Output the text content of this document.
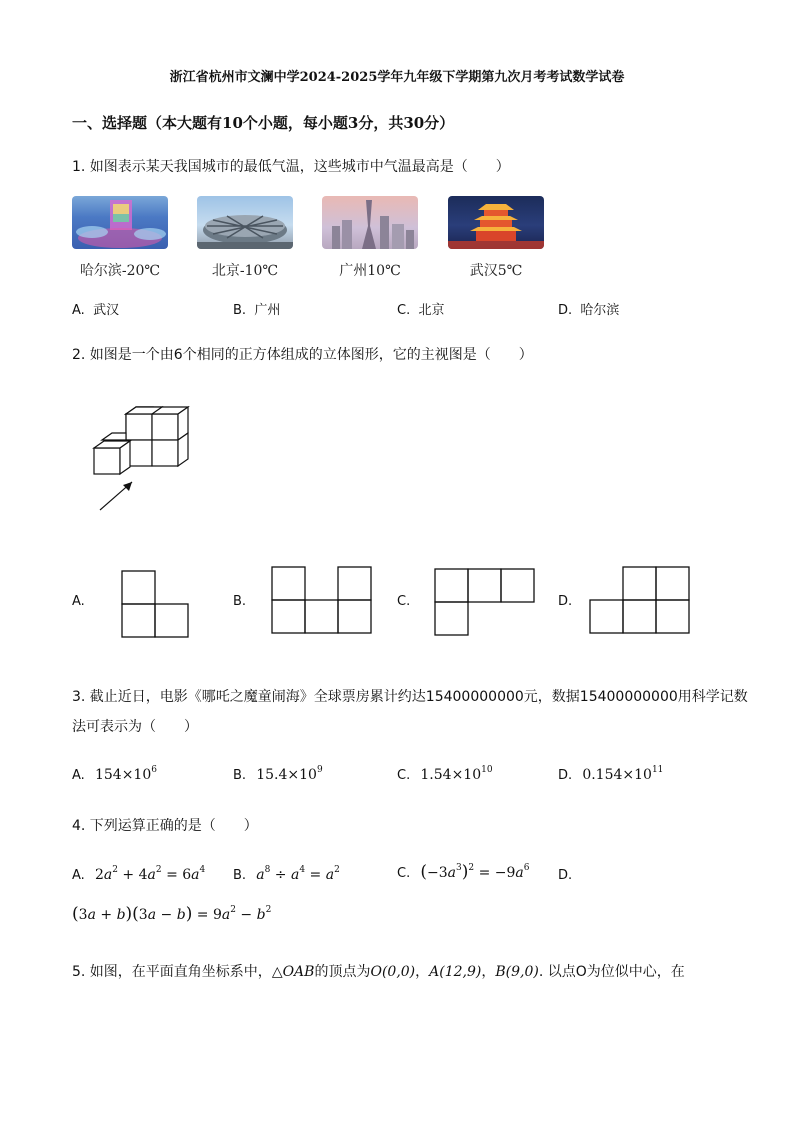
浙江省杭州市文澜中学2024-2025学年九年级下学期第九次月考考试数学试卷
一、选择题（本大题有10个小题，每小题3分，共30分）
1. 如图表示某天我国城市的最低气温，这些城市中气温最高是（　　）
哈尔滨-20℃	北京-10℃	广州10℃	武汉5℃
A. 武汉	B. 广州	C. 北京	D. 哈尔滨
2. 如图是一个由6个相同的正方体组成的立体图形，它的主视图是（　　）
A.	B.	C.	D.
3. 截止近日，电影《哪吒之魔童闹海》全球票房累计约达15400000000元，数据15400000000用科学记数
法可表示为（　　）
A. $154\times 10^6$	B. $15.4\times 10^9$	C. $1.54\times 10^{10}$	D. $0.154\times 10^{11}$
4. 下列运算正确的是（　　）
A. $2a^2 + 4a^2 = 6a^4$ B. $a^8 \div a^4 = a^2$	C. $(-3a^3)^2 = -9a^6$ D.
$(3a + b)(3a - b) = 9a^2 - b^2$
5. 如图，在平面直角坐标系中，△OAB的顶点为O(0,0)，A(12,9)，B(9,0). 以点O为位似中心，在
